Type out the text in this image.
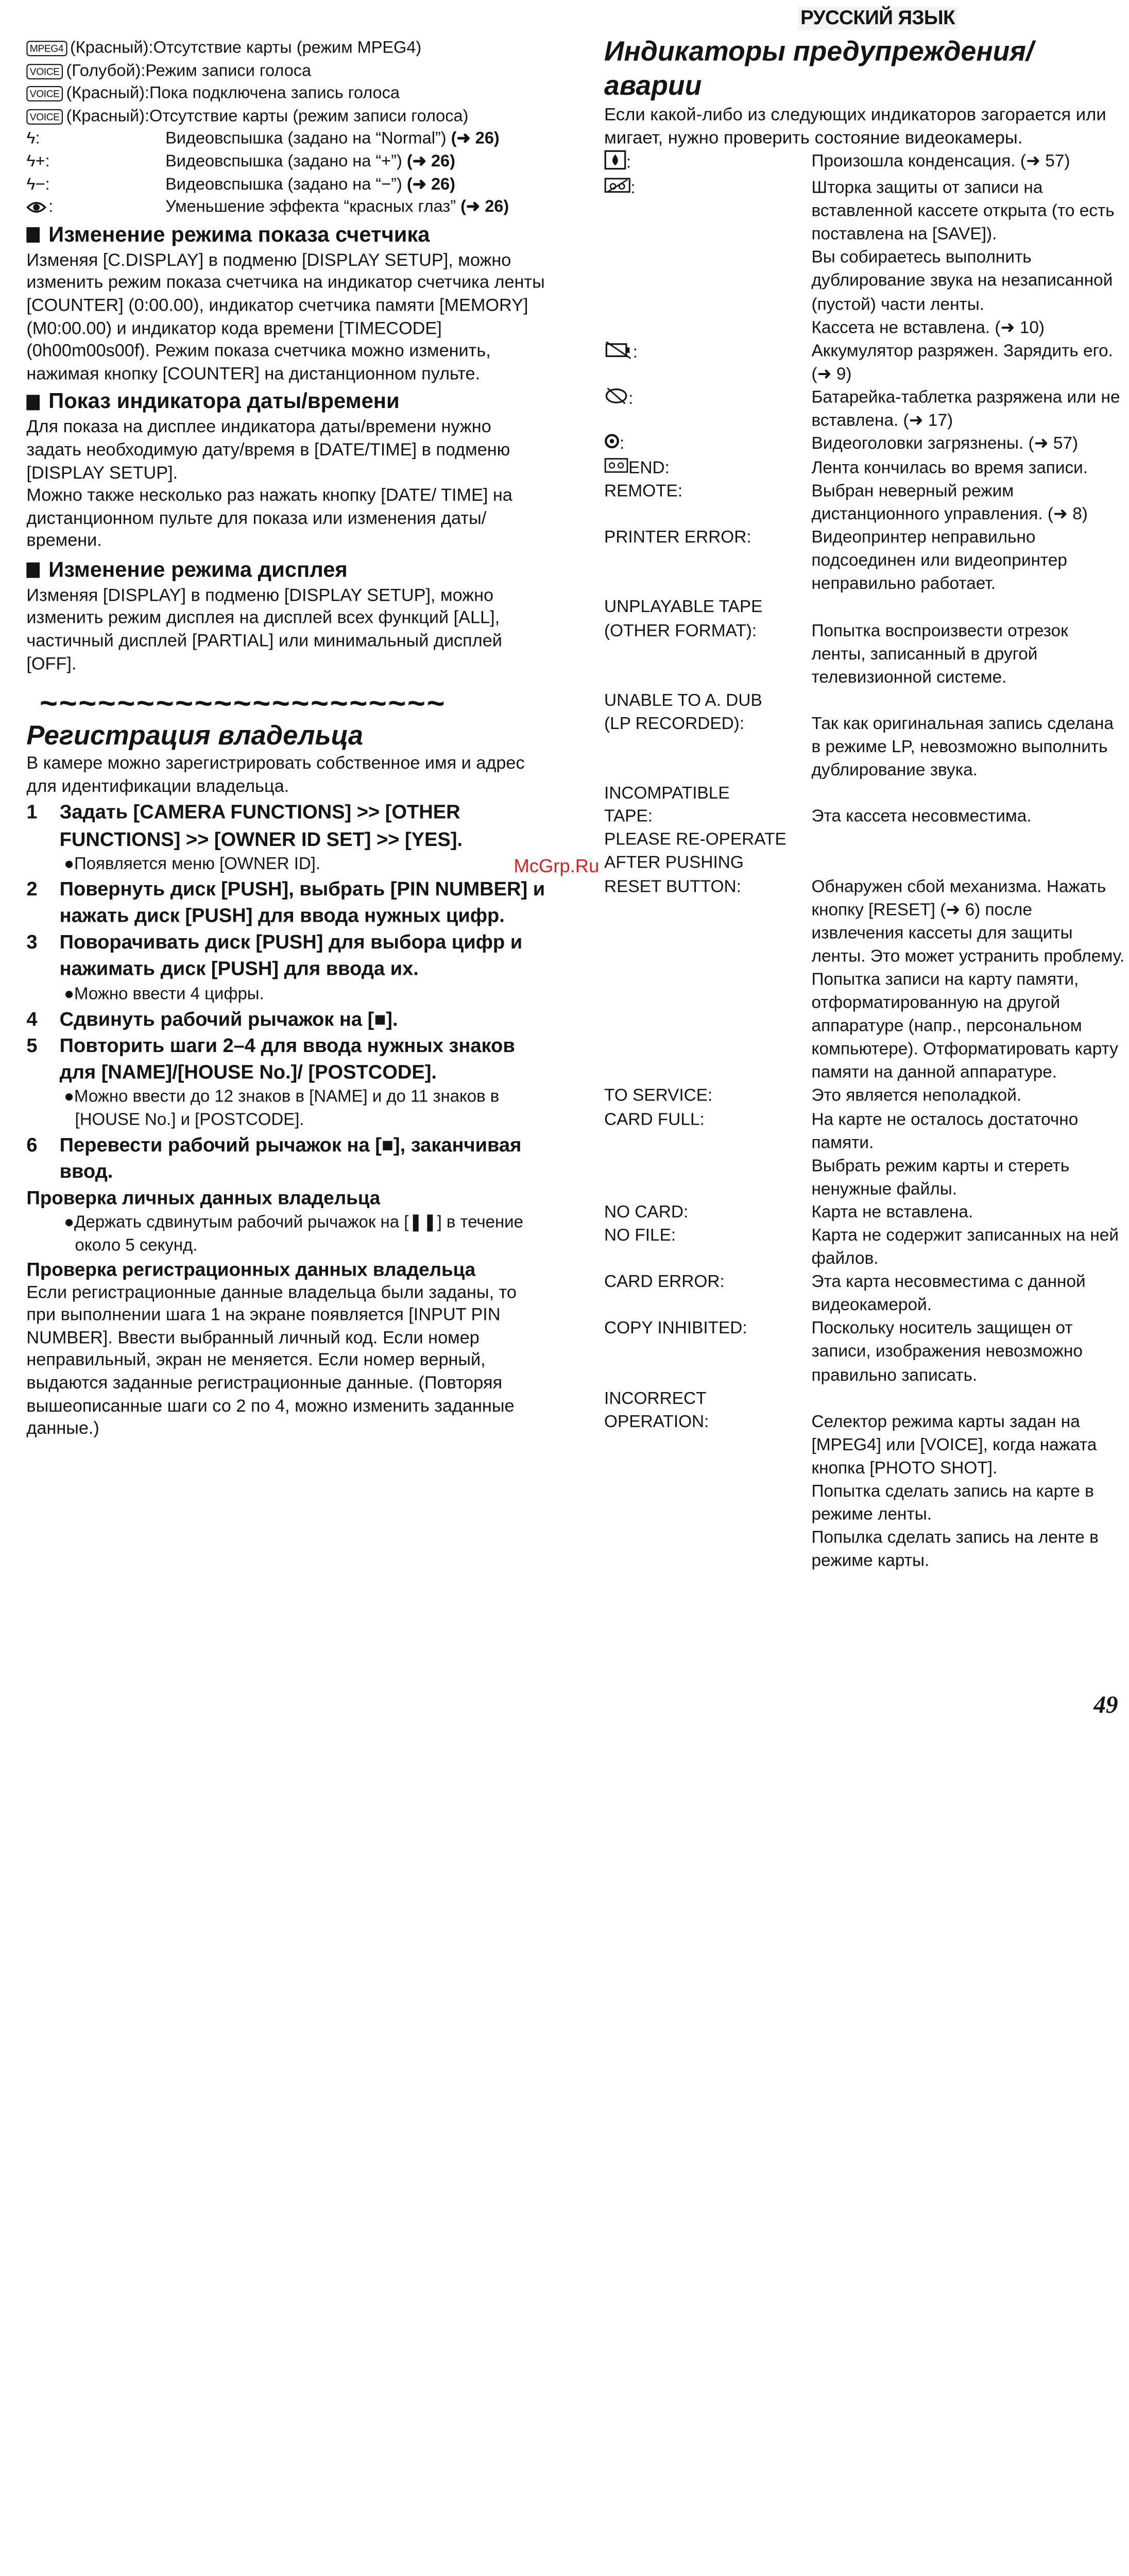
РУССКИЙ ЯЗЫК
MPEG4 (Красный):Отсутствие карты (режим MPEG4)
VOICE (Голубой):Режим записи голоса
VOICE (Красный):Пока подключена запись голоса
VOICE (Красный):Отсутствие карты (режим записи голоса)
ϟ:	Видеовспышка (задано на “Normal”) (➜ 26)
ϟ+:	Видеовспышка (задано на “+”) (➜ 26)
ϟ−:	Видеовспышка (задано на “−”) (➜ 26)
:	Уменьшение эффекта “красных глаз” (➜ 26)
Изменение режима показа счетчика

Изменяя [C.DISPLAY] в подменю [DISPLAY SETUP], можно изменить режим показа счетчика на индикатор счетчика ленты [COUNTER] (0:00.00), индикатор счетчика памяти [MEMORY] (M0:00.00) и индикатор кода времени [TIMECODE] (0h00m00s00f). Режим показа счетчика можно изменить, нажимая кнопку [COUNTER] на дистанционном пульте.

Показ индикатора даты/времени

Для показа на дисплее индикатора даты/времени нужно задать необходимую дату/время в [DATE/TIME] в подменю [DISPLAY SETUP].

Можно также несколько раз нажать кнопку [DATE/ TIME] на дистанционном пульте для показа или изменения даты/времени.

Изменение режима дисплея

Изменяя [DISPLAY] в подменю [DISPLAY SETUP], можно изменить режим дисплея на дисплей всех функций [ALL], частичный дисплей [PARTIAL] или минимальный дисплей [OFF].

~~~~~~~~~~~~~~~~~~~~~
Регистрация владельца

В камере можно зарегистрировать собственное имя и адрес для идентификации владельца.

1	Задать [CAMERA FUNCTIONS] >> [OTHER FUNCTIONS] >> [OWNER ID SET] >> [YES].
●Появляется меню [OWNER ID].
2	Повернуть диск [PUSH], выбрать [PIN NUMBER] и нажать диск [PUSH] для ввода нужных цифр.
3	Поворачивать диск [PUSH] для выбора цифр и нажимать диск [PUSH] для ввода их.
●Можно ввести 4 цифры.
4	Сдвинуть рабочий рычажок на [■].
5	Повторить шаги 2–4 для ввода нужных знаков для [NAME]/[HOUSE No.]/ [POSTCODE].
●Можно ввести до 12 знаков в [NAME] и до 11 знаков в [HOUSE No.] и [POSTCODE].
6	Перевести рабочий рычажок на [■], заканчивая ввод.
Проверка личных данных владельца
●Держать сдвинутым рабочий рычажок на [❚❚] в течение около 5 секунд.
Проверка регистрационных данных владельца

Если регистрационные данные владельца были заданы, то при выполнении шага 1 на экране появляется [INPUT PIN NUMBER]. Ввести выбранный личный код. Если номер неправильный, экран не меняется. Если номер верный, выдаются заданные регистрационные данные. (Повторяя вышеописанные шаги со 2 по 4, можно изменить заданные данные.)

Индикаторы предупреждения/ аварии

Если какой-либо из следующих индикаторов загорается или мигает, нужно проверить состояние видеокамеры.

:	Произошла конденсация. (➜ 57)
:	Шторка защиты от записи на вставленной кассете открыта (то есть поставлена на [SAVE]).
Вы собираетесь выполнить дублирование звука на незаписанной (пустой) части ленты.
Кассета не вставлена. (➜ 10)
:	Аккумулятор разряжен. Зарядить его. (➜ 9)
:	Батарейка-таблетка разряжена или не вставлена. (➜ 17)
:	Видеоголовки загрязнены. (➜ 57)
END:	Лента кончилась во время записи.
REMOTE:	Выбран неверный режим дистанционного управления. (➜ 8)
PRINTER ERROR:	Видеопринтер неправильно подсоединен или видеопринтер неправильно работает.
UNPLAYABLE TAPE
(OTHER FORMAT):	
Попытка воспроизвести отрезок ленты, записанный в другой телевизионной системе.
UNABLE TO A. DUB
(LP RECORDED):	
Так как оригинальная запись сделана в режиме LP, невозможно выполнить дублирование звука.
INCOMPATIBLE
TAPE:	
Эта кассета несовместима.
PLEASE RE-OPERATE
AFTER PUSHING
RESET BUTTON:	

Обнаружен сбой механизма. Нажать кнопку [RESET] (➜ 6) после извлечения кассеты для защиты ленты. Это может устранить проблему.
Попытка записи на карту памяти, отформатированную на другой аппаратуре (напр., персональном компьютере). Отформатировать карту памяти на данной аппаратуре.
TO SERVICE:	Это является неполадкой.
CARD FULL:	На карте не осталось достаточно памяти.
Выбрать режим карты и стереть ненужные файлы.
NO CARD:	Карта не вставлена.
NO FILE:	Карта не содержит записанных на ней файлов.
CARD ERROR:	Эта карта несовместима с данной видеокамерой.
COPY INHIBITED:	Поскольку носитель защищен от записи, изображения невозможно правильно записать.
INCORRECT
OPERATION:	
Селектор режима карты задан на [MPEG4] или [VOICE], когда нажата кнопка [PHOTO SHOT].
Попытка сделать запись на карте в режиме ленты.
Попылка сделать запись на ленте в режиме карты.
McGrp.Ru
49
